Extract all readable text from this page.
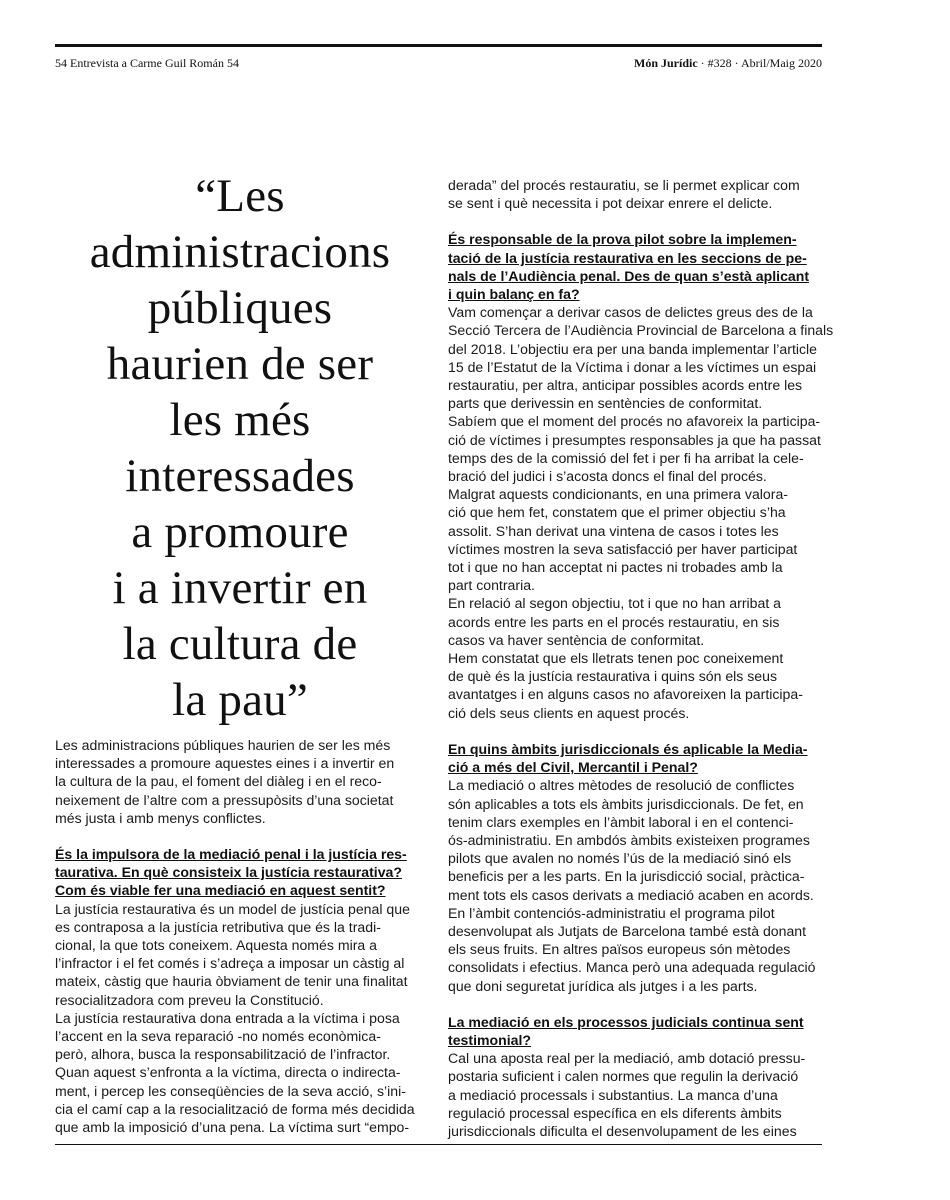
54 Entrevista a Carme Guil Román 54	Món Jurídic · #328 · Abril/Maig 2020
“Les
administracions
públiques
haurien de ser
les més
interessades
a promoure
i a invertir en
la cultura de
la pau”

Les administracions públiques haurien de ser les més
interessades a promoure aquestes eines i a invertir en
la cultura de la pau, el foment del diàleg i en el reco-
neixement de l’altre com a pressupòsits d’una societat
més justa i amb menys conflictes.

És la impulsora de la mediació penal i la justícia res-
taurativa. En què consisteix la justícia restaurativa?
Com és viable fer una mediació en aquest sentit?

La justícia restaurativa és un model de justícia penal que
es contraposa a la justícia retributiva que és la tradi-
cional, la que tots coneixem. Aquesta només mira a
l’infractor i el fet comés i s’adreça a imposar un càstig al
mateix, càstig que hauria òbviament de tenir una finalitat
resocialitzadora com preveu la Constitució.
La justícia restaurativa dona entrada a la víctima i posa
l’accent en la seva reparació -no només econòmica-
però, alhora, busca la responsabilització de l’infractor.
Quan aquest s’enfronta a la víctima, directa o indirecta-
ment, i percep les conseqüències de la seva acció, s’ini-
cia el camí cap a la resocialització de forma més decidida
que amb la imposició d’una pena. La víctima surt “empo-

derada” del procés restauratiu, se li permet explicar com
se sent i què necessita i pot deixar enrere el delicte.

És responsable de la prova pilot sobre la implemen-
tació de la justícia restaurativa en les seccions de pe-
nals de l’Audiència penal. Des de quan s’està aplicant
i quin balanç en fa?

Vam començar a derivar casos de delictes greus des de la
Secció Tercera de l’Audiència Provincial de Barcelona a finals
del 2018. L’objectiu era per una banda implementar l’article
15 de l’Estatut de la Víctima i donar a les víctimes un espai
restauratiu, per altra, anticipar possibles acords entre les
parts que derivessin en sentències de conformitat.
Sabíem que el moment del procés no afavoreix la participa-
ció de víctimes i presumptes responsables ja que ha passat
temps des de la comissió del fet i per fi ha arribat la cele-
bració del judici i s’acosta doncs el final del procés.
Malgrat aquests condicionants, en una primera valora-
ció que hem fet, constatem que el primer objectiu s’ha
assolit. S’han derivat una vintena de casos i totes les
víctimes mostren la seva satisfacció per haver participat
tot i que no han acceptat ni pactes ni trobades amb la
part contraria.
En relació al segon objectiu, tot i que no han arribat a
acords entre les parts en el procés restauratiu, en sis
casos va haver sentència de conformitat.
Hem constatat que els lletrats tenen poc coneixement
de què és la justícia restaurativa i quins són els seus
avantatges i en alguns casos no afavoreixen la participa-
ció dels seus clients en aquest procés.

En quins àmbits jurisdiccionals és aplicable la Media-
ció a més del Civil, Mercantil i Penal?

La mediació o altres mètodes de resolució de conflictes
són aplicables a tots els àmbits jurisdiccionals. De fet, en
tenim clars exemples en l’àmbit laboral i en el contenci-
ós-administratiu. En ambdós àmbits existeixen programes
pilots que avalen no només l’ús de la mediació sinó els
beneficis per a les parts. En la jurisdicció social, pràctica-
ment tots els casos derivats a mediació acaben en acords.
En l’àmbit contenciós-administratiu el programa pilot
desenvolupat als Jutjats de Barcelona també està donant
els seus fruits. En altres països europeus són mètodes
consolidats i efectius. Manca però una adequada regulació
que doni seguretat jurídica als jutges i a les parts.

La mediació en els processos judicials continua sent
testimonial?

Cal una aposta real per la mediació, amb dotació pressu-
postaria suficient i calen normes que regulin la derivació
a mediació processals i substantius. La manca d’una
regulació processal específica en els diferents àmbits
jurisdiccionals dificulta el desenvolupament de les eines
